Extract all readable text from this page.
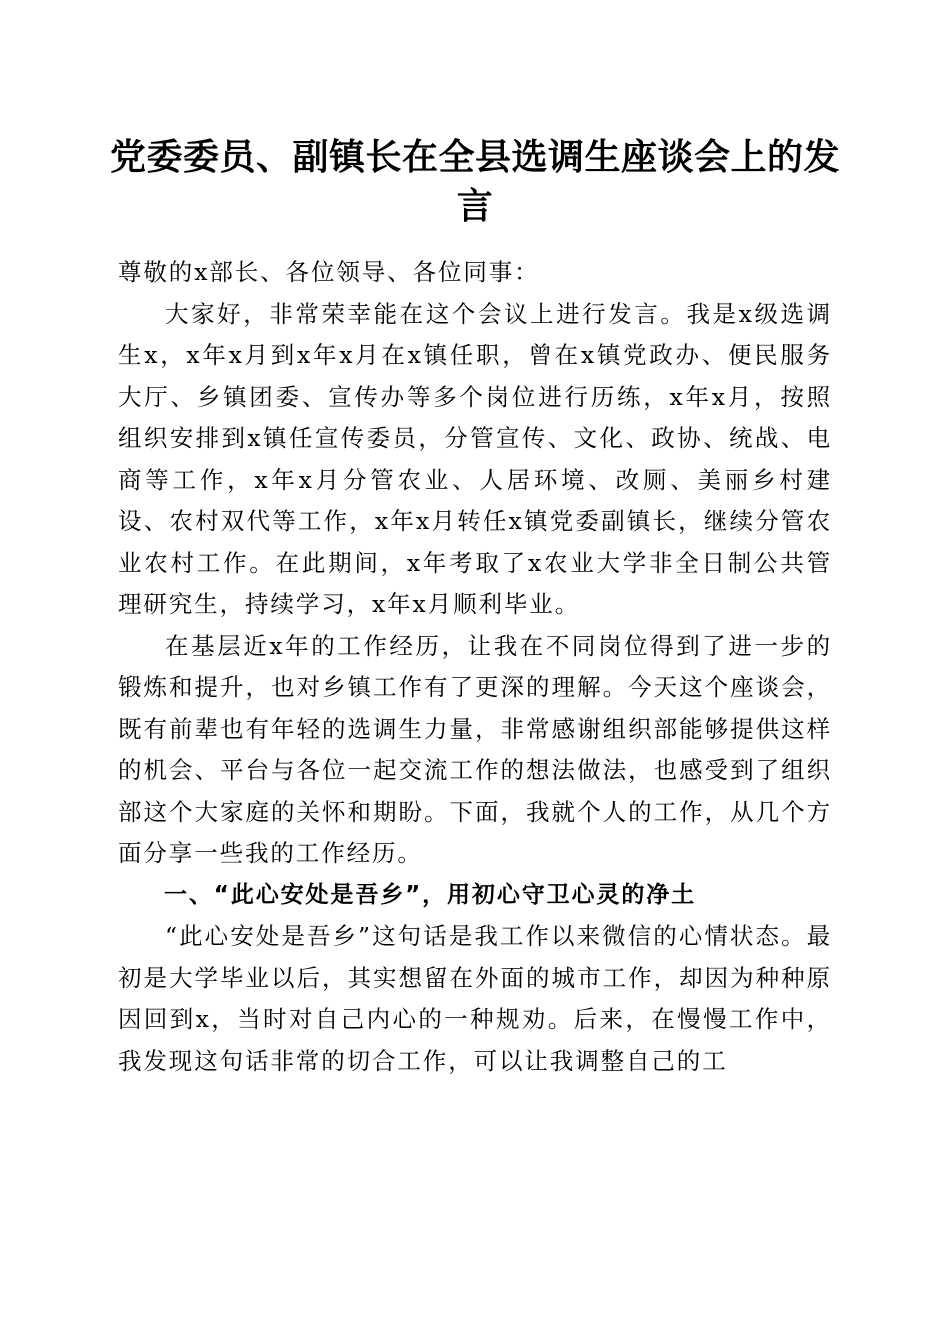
党委委员、副镇长在全县选调生座谈会上的发言

尊敬的x部长、各位领导、各位同事：

大家好，非常荣幸能在这个会议上进行发言。我是x级选调生x，x年x月到x年x月在x镇任职，曾在x镇党政办、便民服务大厅、乡镇团委、宣传办等多个岗位进行历练，x年x月，按照组织安排到x镇任宣传委员，分管宣传、文化、政协、统战、电商等工作，x年x月分管农业、人居环境、改厕、美丽乡村建设、农村双代等工作，x年x月转任x镇党委副镇长，继续分管农业农村工作。在此期间，x年考取了x农业大学非全日制公共管理研究生，持续学习，x年x月顺利毕业。

在基层近x年的工作经历，让我在不同岗位得到了进一步的锻炼和提升，也对乡镇工作有了更深的理解。今天这个座谈会，既有前辈也有年轻的选调生力量，非常感谢组织部能够提供这样的机会、平台与各位一起交流工作的想法做法，也感受到了组织部这个大家庭的关怀和期盼。下面，我就个人的工作，从几个方面分享一些我的工作经历。

一、“此心安处是吾乡”，用初心守卫心灵的净土

“此心安处是吾乡”这句话是我工作以来微信的心情状态。最初是大学毕业以后，其实想留在外面的城市工作，却因为种种原因回到x，当时对自己内心的一种规劝。后来，在慢慢工作中，我发现这句话非常的切合工作，可以让我调整自己的工
